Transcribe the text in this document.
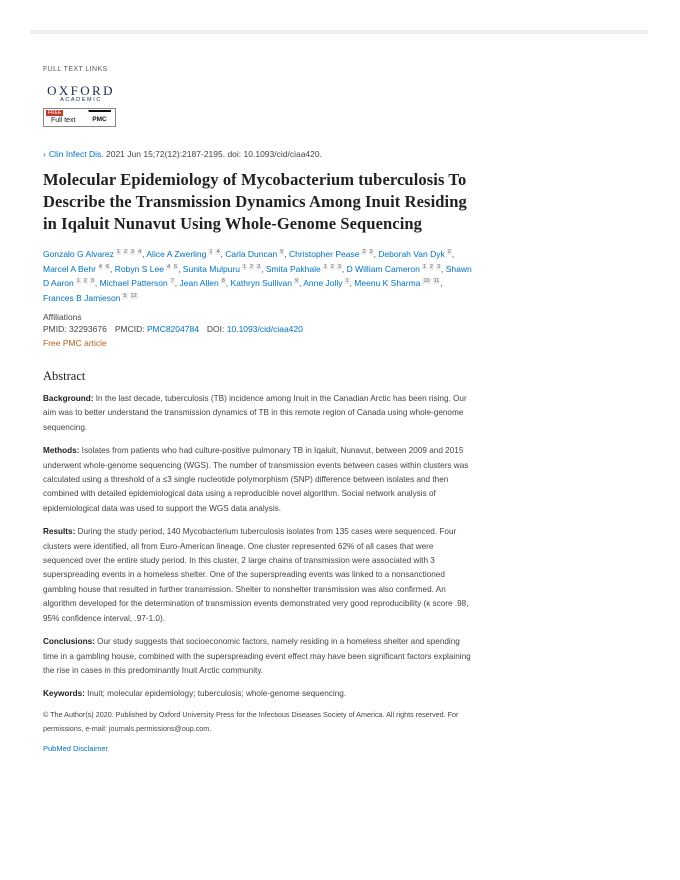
FULL TEXT LINKS
OXFORD
ACADEMIC
FREE
Full text	PMC
› Clin Infect Dis. 2021 Jun 15;72(12):2187-2195. doi: 10.1093/cid/ciaa420.
Molecular Epidemiology of Mycobacterium tuberculosis To Describe the Transmission Dynamics Among Inuit Residing in Iqaluit Nunavut Using Whole-Genome Sequencing
Gonzalo G Alvarez $^1$ $^2$ $^3$ $^4$, Alice A Zwerling $^1$ $^4$, Carla Duncan $^5$, Christopher Pease $^2$ $^3$, Deborah Van Dyk $^2$, Marcel A Behr $^4$ $^6$, Robyn S Lee $^4$ $^6$, Sunita Mulpuru $^1$ $^2$ $^3$, Smita Pakhale $^1$ $^2$ $^3$, D William Cameron $^1$ $^2$ $^3$, Shawn D Aaron $^1$ $^2$ $^3$, Michael Patterson $^7$, Jean Allen $^8$, Kathryn Sullivan $^9$, Anne Jolly $^1$, Meenu K Sharma $^{10}$ $^{11}$, Frances B Jamieson $^5$ $^{12}$
Affiliations
PMID: 32293676 PMCID: PMC8204784 DOI: 10.1093/cid/ciaa420
Free PMC article
Abstract

Background: In the last decade, tuberculosis (TB) incidence among Inuit in the Canadian Arctic has been rising. Our aim was to better understand the transmission dynamics of TB in this remote region of Canada using whole-genome sequencing.

Methods: Isolates from patients who had culture-positive pulmonary TB in Iqaluit, Nunavut, between 2009 and 2015 underwent whole-genome sequencing (WGS). The number of transmission events between cases within clusters was calculated using a threshold of a ≤3 single nucleotide polymorphism (SNP) difference between isolates and then combined with detailed epidemiological data using a reproducible novel algorithm. Social network analysis of epidemiological data was used to support the WGS data analysis.

Results: During the study period, 140 Mycobacterium tuberculosis isolates from 135 cases were sequenced. Four clusters were identified, all from Euro-American lineage. One cluster represented 62% of all cases that were sequenced over the entire study period. In this cluster, 2 large chains of transmission were associated with 3 superspreading events in a homeless shelter. One of the superspreading events was linked to a nonsanctioned gambling house that resulted in further transmission. Shelter to nonshelter transmission was also confirmed. An algorithm developed for the determination of transmission events demonstrated very good reproducibility (κ score .98, 95% confidence interval, .97-1.0).

Conclusions: Our study suggests that socioeconomic factors, namely residing in a homeless shelter and spending time in a gambling house, combined with the superspreading event effect may have been significant factors explaining the rise in cases in this predominantly Inuit Arctic community.

Keywords: Inuit; molecular epidemiology; tuberculosis; whole-genome sequencing.
© The Author(s) 2020. Published by Oxford University Press for the Infectious Diseases Society of America. All rights reserved. For permissions, e-mail: journals.permissions@oup.com.
PubMed Disclaimer
